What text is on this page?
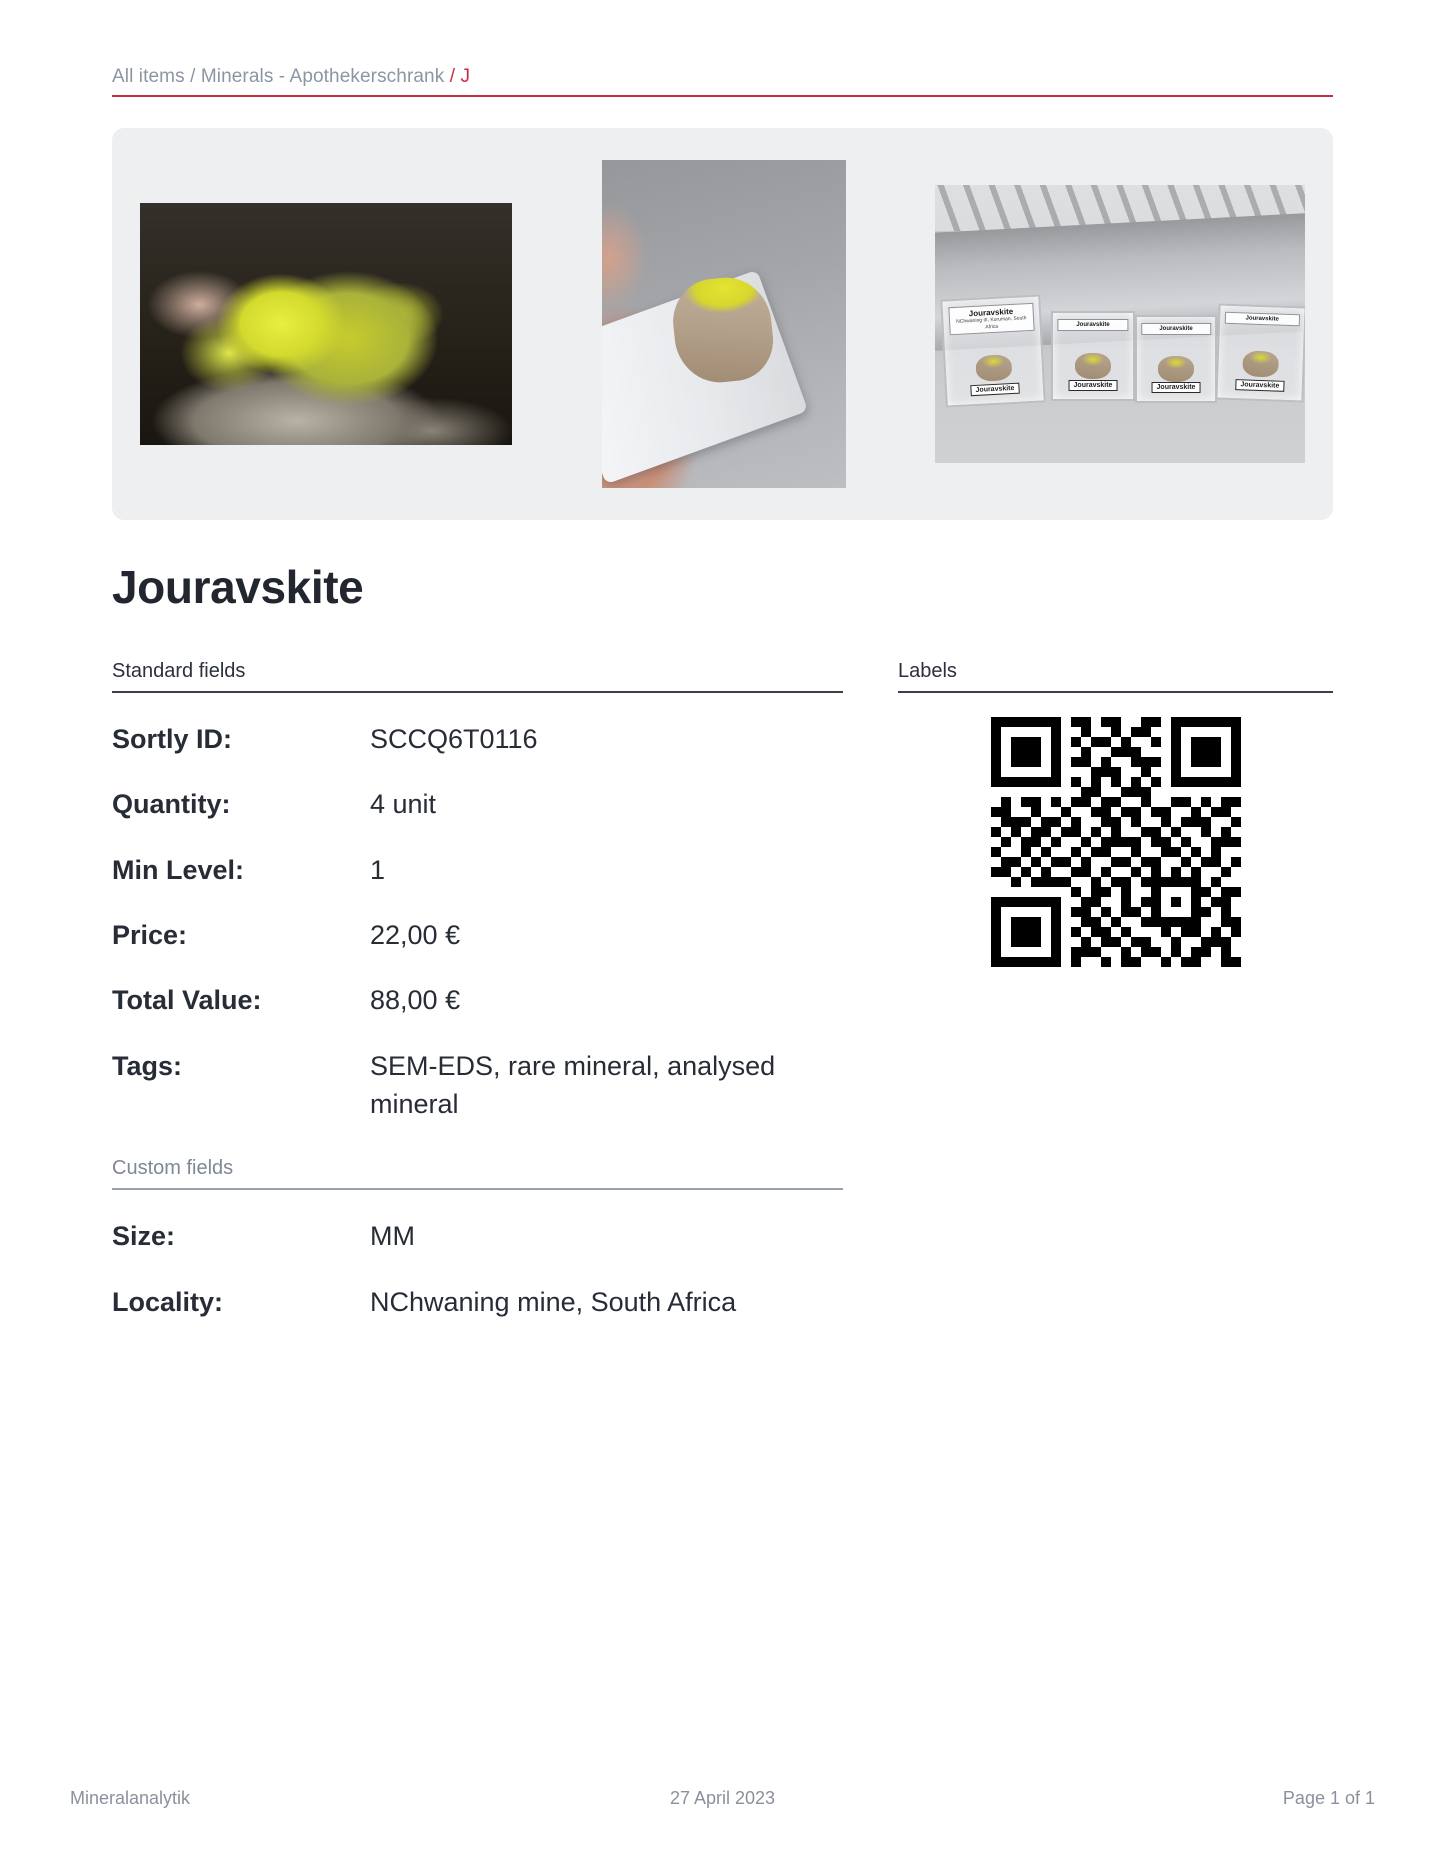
All items / Minerals - Apothekerschrank / J
Jouravskite
NChwaning III, Kuruman, South Africa
Jouravskite
Jouravskite
Jouravskite
Jouravskite
Jouravskite
Jouravskite
Jouravskite
Jouravskite
Standard fields
Sortly ID:	SCCQ6T0116
Quantity:	4 unit
Min Level:	1
Price:	22,00 €
Total Value:	88,00 €
Tags:	SEM-EDS, rare mineral, analysed mineral
Custom fields
Size:	MM
Locality:	NChwaning mine, South Africa
Labels
Mineralanalytik	27 April 2023	Page 1 of 1
